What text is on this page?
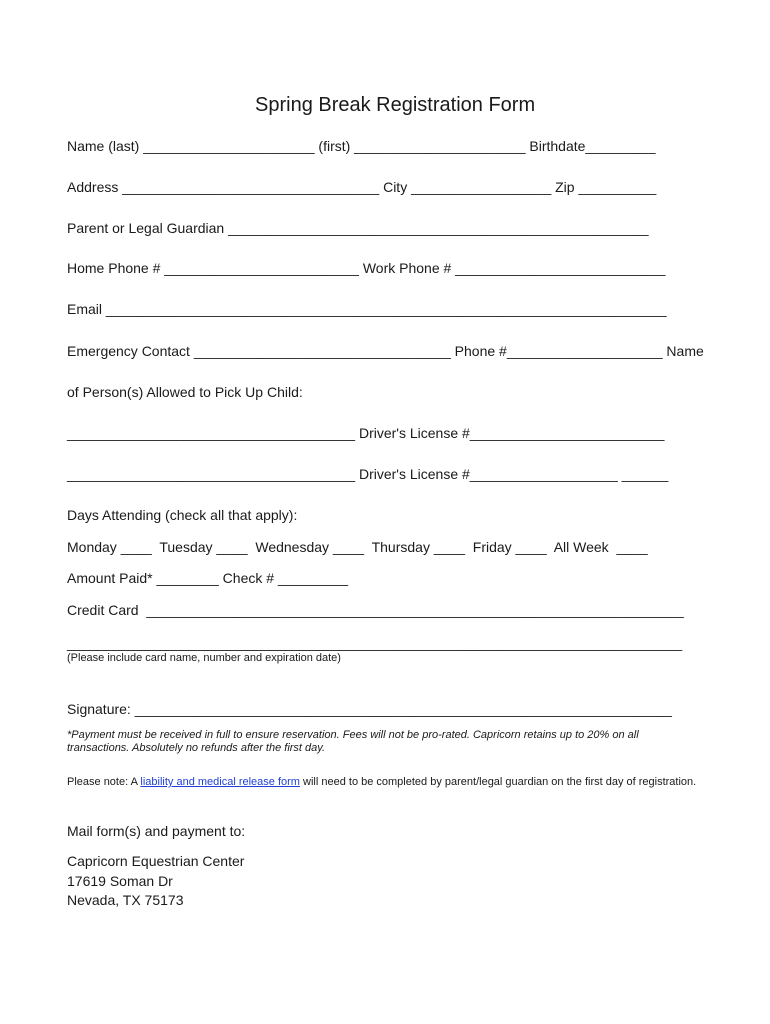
Spring Break Registration Form
Name (last) ______________________ (first) ______________________ Birthdate_________
Address _________________________________ City __________________ Zip __________
Parent or Legal Guardian ______________________________________________________
Home Phone # _________________________ Work Phone # ___________________________
Email ________________________________________________________________________
Emergency Contact _________________________________ Phone #____________________ Name
of Person(s) Allowed to Pick Up Child:
_____________________________________ Driver's License #_________________________
_____________________________________ Driver's License #___________________ ______
Days Attending (check all that apply):
Monday ____  Tuesday ____  Wednesday ____  Thursday ____  Friday ____  All Week  ____
Amount Paid* ________ Check # _________
Credit Card  _____________________________________________________________________
_______________________________________________________________________________
(Please include card name, number and expiration date)
Signature: _____________________________________________________________________
*Payment must be received in full to ensure reservation. Fees will not be pro-rated. Capricorn retains up to 20% on all
transactions. Absolutely no refunds after the first day.
Please note: A liability and medical release form will need to be completed by parent/legal guardian on the first day of registration.
Mail form(s) and payment to:
Capricorn Equestrian Center
17619 Soman Dr
Nevada, TX 75173
